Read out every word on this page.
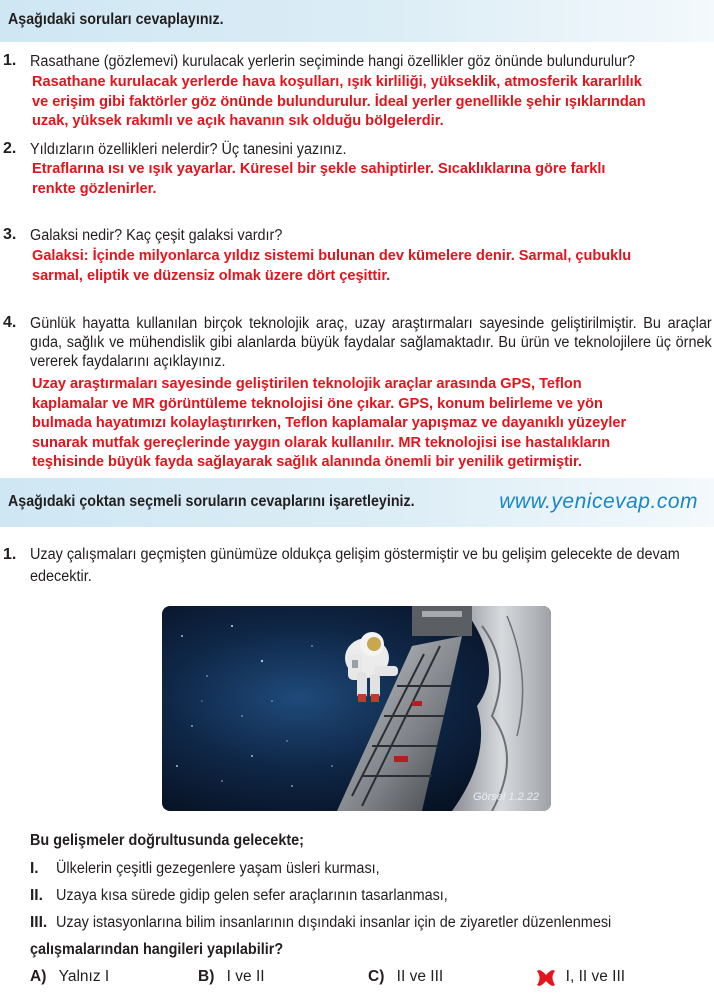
Aşağıdaki soruları cevaplayınız.
1. Rasathane (gözlemevi) kurulacak yerlerin seçiminde hangi özellikler göz önünde bulundurulur?
Rasathane kurulacak yerlerde hava koşulları, ışık kirliliği, yükseklik, atmosferik kararlılık
ve erişim gibi faktörler göz önünde bulundurulur. İdeal yerler genellikle şehir ışıklarından
uzak, yüksek rakımlı ve açık havanın sık olduğu bölgelerdir.
2. Yıldızların özellikleri nelerdir? Üç tanesini yazınız.
Etraflarına ısı ve ışık yayarlar. Küresel bir şekle sahiptirler. Sıcaklıklarına göre farklı
renkte gözlenirler.
3. Galaksi nedir? Kaç çeşit galaksi vardır?
Galaksi: İçinde milyonlarca yıldız sistemi bulunan dev kümelere denir. Sarmal, çubuklu
sarmal, eliptik ve düzensiz olmak üzere dört çeşittir.
4. Günlük hayatta kullanılan birçok teknolojik araç, uzay araştırmaları sayesinde geliştirilmiştir. Bu araçlar gıda, sağlık ve mühendislik gibi alanlarda büyük faydalar sağlamaktadır. Bu ürün ve teknolojilere üç örnek vererek faydalarını açıklayınız.
Uzay araştırmaları sayesinde geliştirilen teknolojik araçlar arasında GPS, Teflon
kaplamalar ve MR görüntüleme teknolojisi öne çıkar. GPS, konum belirleme ve yön
bulmada hayatımızı kolaylaştırırken, Teflon kaplamalar yapışmaz ve dayanıklı yüzeyler
sunarak mutfak gereçlerinde yaygın olarak kullanılır. MR teknolojisi ise hastalıkların
teşhisinde büyük fayda sağlayarak sağlık alanında önemli bir yenilik getirmiştir.
Aşağıdaki çoktan seçmeli soruların cevaplarını işaretleyiniz.	www.yenicevap.com
1. Uzay çalışmaları geçmişten günümüze oldukça gelişim göstermiştir ve bu gelişim gelecekte de devam
edecektir.
Görsel 1.2.22
Bu gelişmeler doğrultusunda gelecekte;
I. Ülkelerin çeşitli gezegenlere yaşam üsleri kurması,
II. Uzaya kısa sürede gidip gelen sefer araçlarının tasarlanması,
III. Uzay istasyonlarına bilim insanlarının dışındaki insanlar için de ziyaretler düzenlenmesi
çalışmalarından hangileri yapılabilir?
A) Yalnız I	B) I ve II	C) II ve III	I, II ve III
